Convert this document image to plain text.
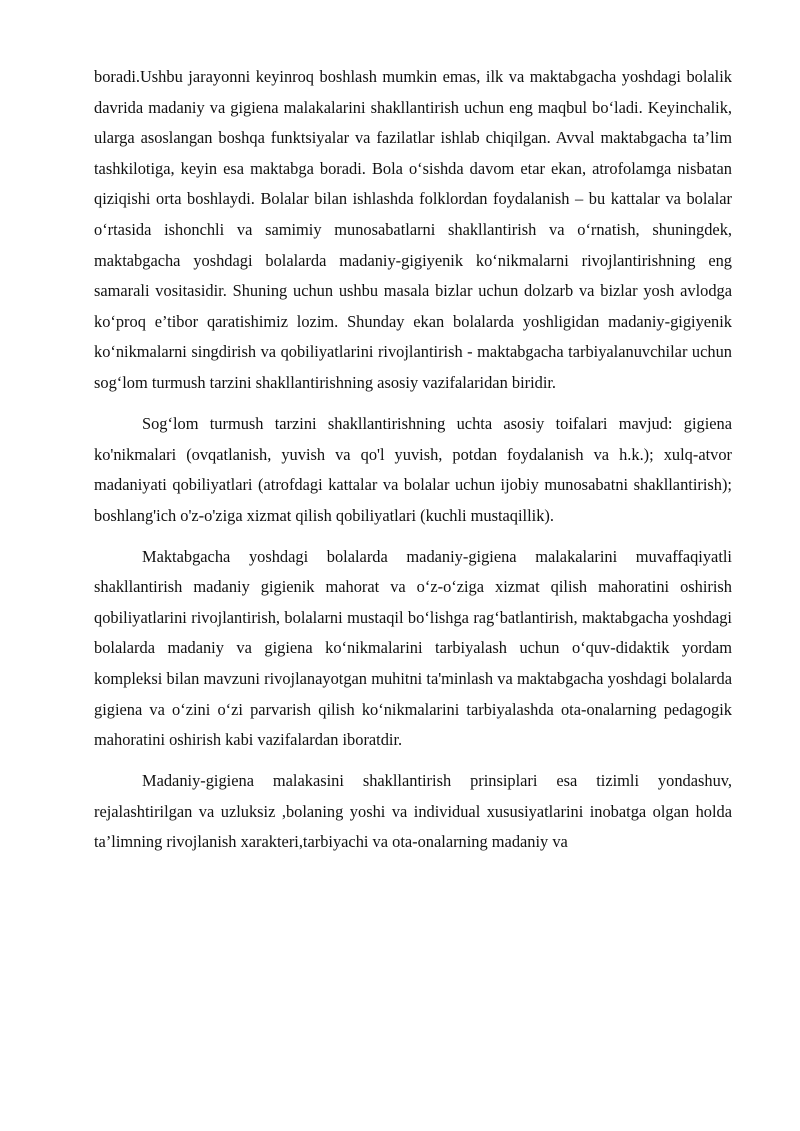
boradi.Ushbu jarayonni keyinroq boshlash mumkin emas, ilk va maktabgacha yoshdagi bolalik davrida madaniy va gigiena malakalarini shakllantirish uchun eng maqbul bo‘ladi. Keyinchalik, ularga asoslangan boshqa funktsiyalar va fazilatlar ishlab chiqilgan. Avval maktabgacha ta’lim tashkilotiga, keyin esa maktabga boradi. Bola o‘sishda davom etar ekan, atrofolamga nisbatan qiziqishi orta boshlaydi. Bolalar bilan ishlashda folklordan foydalanish – bu kattalar va bolalar o‘rtasida ishonchli va samimiy munosabatlarni shakllantirish va o‘rnatish, shuningdek, maktabgacha yoshdagi bolalarda madaniy-gigiyenik ko‘nikmalarni rivojlantirishning eng samarali vositasidir. Shuning uchun ushbu masala bizlar uchun dolzarb va bizlar yosh avlodga ko‘proq e’tibor qaratishimiz lozim. Shunday ekan bolalarda yoshligidan madaniy-gigiyenik ko‘nikmalarni singdirish va qobiliyatlarini rivojlantirish - maktabgacha tarbiyalanuvchilar uchun sog‘lom turmush tarzini shakllantirishning asosiy vazifalaridan biridir.

Sog‘lom turmush tarzini shakllantirishning uchta asosiy toifalari mavjud: gigiena ko'nikmalari (ovqatlanish, yuvish va qo'l yuvish, potdan foydalanish va h.k.); xulq-atvor madaniyati qobiliyatlari (atrofdagi kattalar va bolalar uchun ijobiy munosabatni shakllantirish); boshlang'ich o'z-o'ziga xizmat qilish qobiliyatlari (kuchli mustaqillik).

Maktabgacha yoshdagi bolalarda madaniy-gigiena malakalarini muvaffaqiyatli shakllantirish madaniy gigienik mahorat va o‘z-o‘ziga xizmat qilish mahoratini oshirish qobiliyatlarini rivojlantirish, bolalarni mustaqil bo‘lishga rag‘batlantirish, maktabgacha yoshdagi bolalarda madaniy va gigiena ko‘nikmalarini tarbiyalash uchun o‘quv-didaktik yordam kompleksi bilan mavzuni rivojlanayotgan muhitni ta'minlash va maktabgacha yoshdagi bolalarda gigiena va o‘zini o‘zi parvarish qilish ko‘nikmalarini tarbiyalashda ota-onalarning pedagogik mahoratini oshirish kabi vazifalardan iboratdir.

Madaniy-gigiena malakasini shakllantirish prinsiplari esa tizimli yondashuv, rejalashtirilgan va uzluksiz ,bolaning yoshi va individual xususiyatlarini inobatga olgan holda ta’limning rivojlanish xarakteri,tarbiyachi va ota-onalarning madaniy va
